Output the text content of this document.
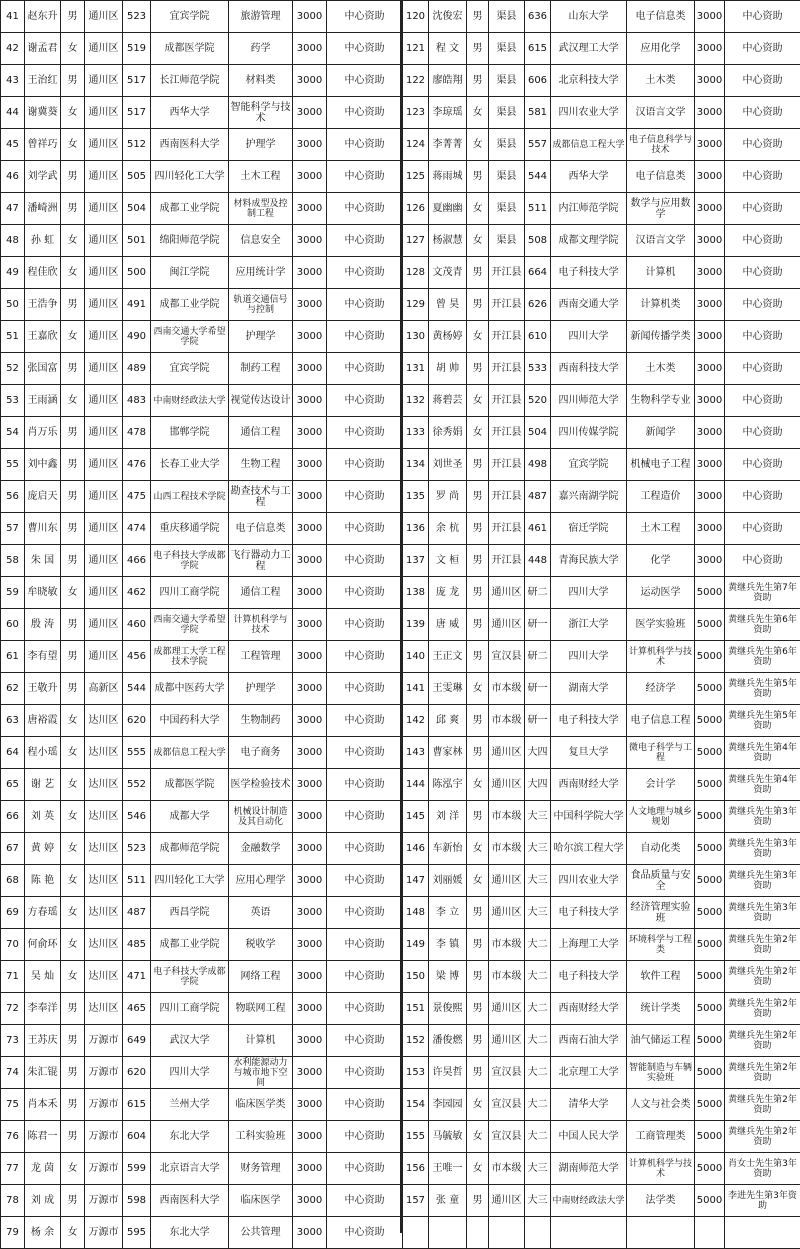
41	赵东升	男	通川区	523	宜宾学院	旅游管理	3000	中心资助
42	谢孟君	女	通川区	519	成都医学院	药学	3000	中心资助
43	王治红	男	通川区	517	长江师范学院	材料类	3000	中心资助
44	谢冀葵	女	通川区	517	西华大学	智能科学与技术	3000	中心资助
45	曾祥巧	女	通川区	512	西南医科大学	护理学	3000	中心资助
46	刘学武	男	通川区	505	四川轻化工大学	土木工程	3000	中心资助
47	潘崎洲	男	通川区	504	成都工业学院	材料成型及控制工程	3000	中心资助
48	孙 虹	女	通川区	501	绵阳师范学院	信息安全	3000	中心资助
49	程佳欣	女	通川区	500	闽江学院	应用统计学	3000	中心资助
50	王浩争	男	通川区	491	成都工业学院	轨道交通信号与控制	3000	中心资助
51	王嘉欣	女	通川区	490	西南交通大学希望学院	护理学	3000	中心资助
52	张国富	男	通川区	489	宜宾学院	制药工程	3000	中心资助
53	王雨涵	女	通川区	483	中南财经政法大学	视觉传达设计	3000	中心资助
54	肖万乐	男	通川区	478	邯郸学院	通信工程	3000	中心资助
55	刘中鑫	男	通川区	476	长春工业大学	生物工程	3000	中心资助
56	庞启天	男	通川区	475	山西工程技术学院	勘查技术与工程	3000	中心资助
57	曹川东	男	通川区	474	重庆移通学院	电子信息类	3000	中心资助
58	朱 国	男	通川区	466	电子科技大学成都学院	飞行器动力工程	3000	中心资助
59	牟晓敏	女	通川区	462	四川工商学院	通信工程	3000	中心资助
60	殷 涛	男	通川区	460	西南交通大学希望学院	计算机科学与技术	3000	中心资助
61	李有望	男	通川区	456	成都理工大学工程技术学院	工程管理	3000	中心资助
62	王敬升	男	高新区	544	成都中医药大学	护理学	3000	中心资助
63	唐裕霞	女	达川区	620	中国药科大学	生物制药	3000	中心资助
64	程小瑶	女	达川区	555	成都信息工程大学	电子商务	3000	中心资助
65	谢 艺	女	达川区	552	成都医学院	医学检验技术	3000	中心资助
66	刘 英	女	达川区	546	成都大学	机械设计制造及其自动化	3000	中心资助
67	黄 婷	女	达川区	523	成都师范学院	金融数学	3000	中心资助
68	陈 艳	女	达川区	511	四川轻化工大学	应用心理学	3000	中心资助
69	方春瑶	女	达川区	487	西昌学院	英语	3000	中心资助
70	何俞环	女	达川区	485	成都工业学院	税收学	3000	中心资助
71	吴 灿	女	达川区	471	电子科技大学成都学院	网络工程	3000	中心资助
72	李奉洋	男	达川区	465	四川工商学院	物联网工程	3000	中心资助
73	王苏庆	男	万源市	649	武汉大学	计算机	3000	中心资助
74	朱汇锟	男	万源市	620	四川大学	水利能源动力与城市地下空间	3000	中心资助
75	肖本禾	男	万源市	615	兰州大学	临床医学类	3000	中心资助
76	陈君一	男	万源市	604	东北大学	工科实验班	3000	中心资助
77	龙 茵	女	万源市	599	北京语言大学	财务管理	3000	中心资助
78	刘 成	男	万源市	598	西南医科大学	临床医学	3000	中心资助
79	杨 余	女	万源市	595	东北大学	公共管理	3000	中心资助
120	沈俊宏	男	渠县	636	山东大学	电子信息类	3000	中心资助
121	程 文	男	渠县	615	武汉理工大学	应用化学	3000	中心资助
122	廖皓翔	男	渠县	606	北京科技大学	土木类	3000	中心资助
123	李琼瑶	女	渠县	581	四川农业大学	汉语言文学	3000	中心资助
124	李菁菁	女	渠县	557	成都信息工程大学	电子信息科学与技术	3000	中心资助
125	蒋雨城	男	渠县	544	西华大学	电子信息类	3000	中心资助
126	夏幽幽	女	渠县	511	内江师范学院	数学与应用数学	3000	中心资助
127	杨淑慧	女	渠县	508	成都文理学院	汉语言文学	3000	中心资助
128	文茂青	男	开江县	664	电子科技大学	计算机	3000	中心资助
129	曾 昊	男	开江县	626	西南交通大学	计算机类	3000	中心资助
130	黄杨婷	女	开江县	610	四川大学	新闻传播学类	3000	中心资助
131	胡 帅	男	开江县	533	西南科技大学	土木类	3000	中心资助
132	蒋碧芸	女	开江县	520	四川师范大学	生物科学专业	3000	中心资助
133	徐秀娟	女	开江县	504	四川传媒学院	新闻学	3000	中心资助
134	刘世圣	男	开江县	498	宜宾学院	机械电子工程	3000	中心资助
135	罗 尚	男	开江县	487	嘉兴南湖学院	工程造价	3000	中心资助
136	余 杭	男	开江县	461	宿迁学院	土木工程	3000	中心资助
137	文 桓	男	开江县	448	青海民族大学	化学	3000	中心资助
138	庞 龙	男	通川区	研二	四川大学	运动医学	5000	黄继兵先生第7年资助
139	唐 威	男	通川区	研一	浙江大学	医学实验班	5000	黄继兵先生第6年资助
140	王正文	男	宣汉县	研二	四川大学	计算机科学与技术	5000	黄继兵先生第6年资助
141	王雯琳	女	市本级	研一	湖南大学	经济学	5000	黄继兵先生第5年资助
142	邱 爽	男	市本级	研一	电子科技大学	电子信息工程	5000	黄继兵先生第5年资助
143	曹家林	男	通川区	大四	复旦大学	微电子科学与工程	5000	黄继兵先生第4年资助
144	陈泓宇	女	通川区	大四	西南财经大学	会计学	5000	黄继兵先生第4年资助
145	刘 洋	男	市本级	大三	中国科学院大学	人文地理与城乡规划	5000	黄继兵先生第3年资助
146	车新怡	女	市本级	大三	哈尔滨工程大学	自动化类	5000	黄继兵先生第3年资助
147	刘丽媛	女	通川区	大三	四川农业大学	食品质量与安全	5000	黄继兵先生第3年资助
148	李 立	男	通川区	大三	电子科技大学	经济管理实验班	5000	黄继兵先生第3年资助
149	李 镇	男	市本级	大二	上海理工大学	环境科学与工程类	5000	黄继兵先生第2年资助
150	梁 博	男	市本级	大二	电子科技大学	软件工程	5000	黄继兵先生第2年资助
151	景俊熙	男	通川区	大二	西南财经大学	统计学类	5000	黄继兵先生第2年资助
152	潘俊燃	男	通川区	大二	西南石油大学	油气储运工程	5000	黄继兵先生第2年资助
153	许昊哲	男	宣汉县	大二	北京理工大学	智能制造与车辆实验班	5000	黄继兵先生第2年资助
154	李园园	女	宣汉县	大二	清华大学	人文与社会类	5000	黄继兵先生第2年资助
155	马毓敏	女	宣汉县	大二	中国人民大学	工商管理类	5000	黄继兵先生第2年资助
156	王唯一	女	市本级	大三	湖南师范大学	计算机科学与技术	5000	肖女士先生第3年资助
157	张 童	男	通川区	大三	中南财经政法大学	法学类	5000	李进先生第3年资助
